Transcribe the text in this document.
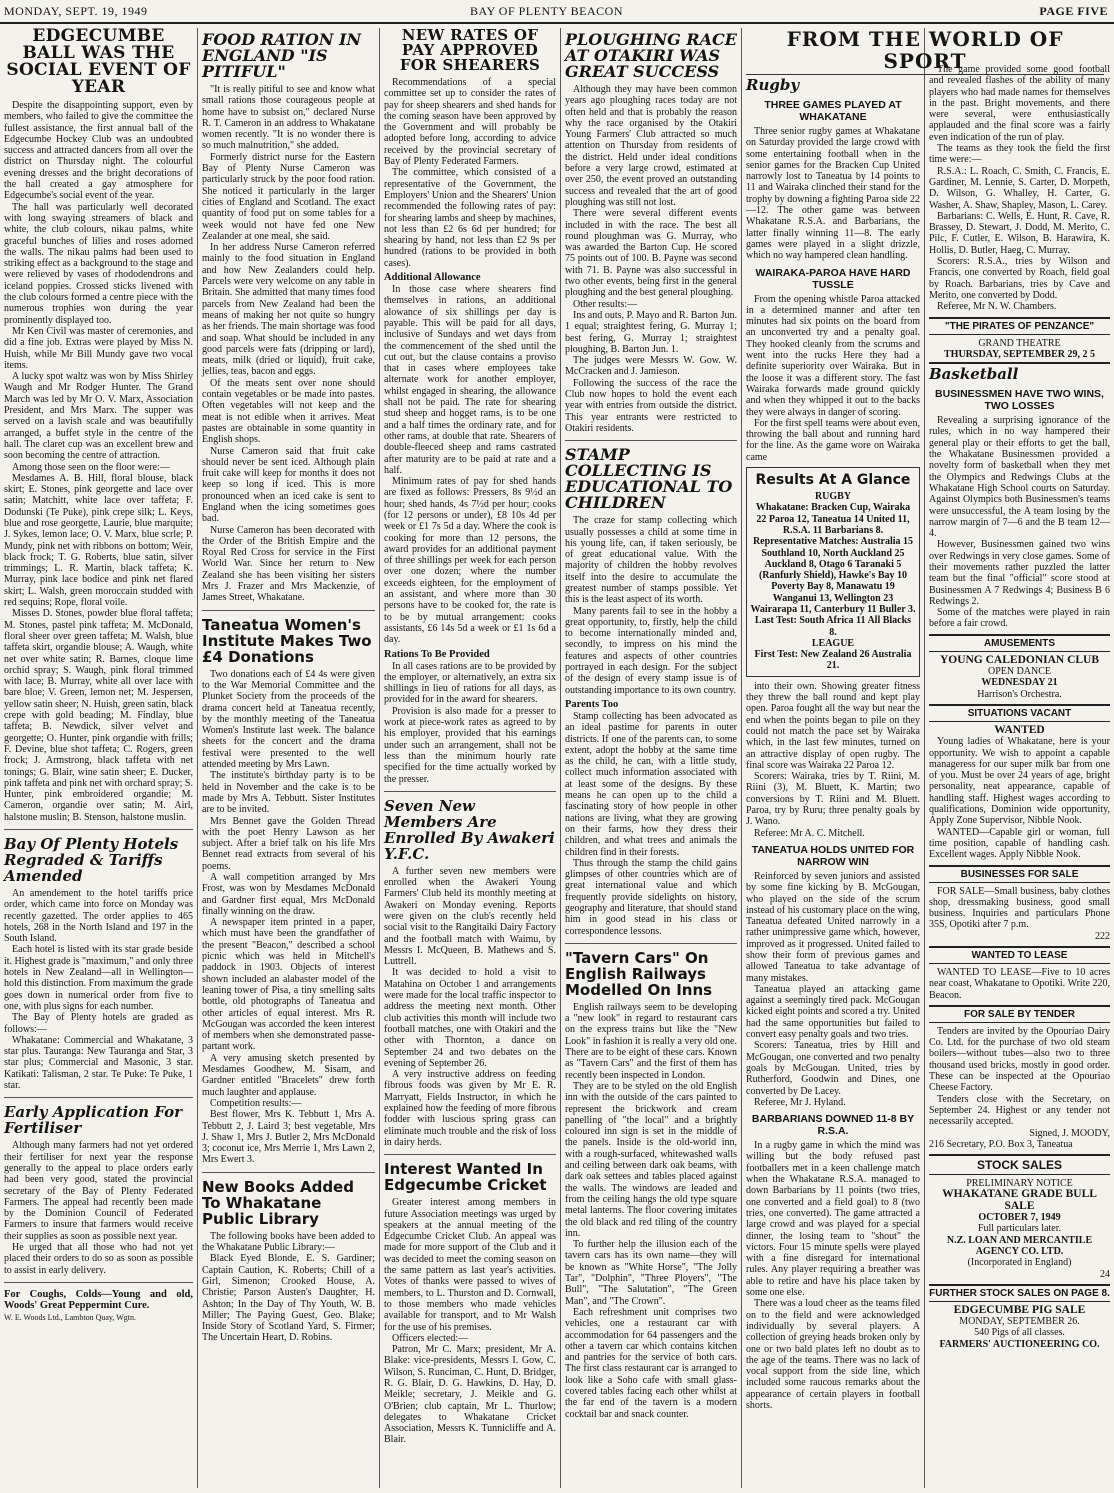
MONDAY, SEPT. 19, 1949	BAY OF PLENTY BEACON	PAGE FIVE
EDGECUMBE BALL WAS THE SOCIAL EVENT OF YEAR

Despite the disappointing support, even by members, who failed to give the committee the fullest assistance, the first annual ball of the Edgecumbe Hockey Club was an undoubted success and attracted dancers from all over the district on Thursday night. The colourful evening dresses and the bright decorations of the hall created a gay atmosphere for Edgecumbe's social event of the year.

The hall was particularly well decorated with long swaying streamers of black and white, the club colours, nikau palms, white graceful bunches of lilies and roses adorned the walls. The nikau palms had been used to striking effect as a background to the stage and were relieved by vases of rhododendrons and iceland poppies. Crossed sticks livened with the club colours formed a centre piece with the numerous trophies won during the year prominently displayed too.

Mr Ken Civil was master of ceremonies, and did a fine job. Extras were played by Miss N. Huish, while Mr Bill Mundy gave two vocal items.

A lucky spot waltz was won by Miss Shirley Waugh and Mr Rodger Hunter. The Grand March was led by Mr O. V. Marx, Association President, and Mrs Marx. The supper was served on a lavish scale and was beautifully arranged, a buffet style in the centre of the hall. The claret cup was an excellent brew and soon becoming the centre of attraction.

Among those seen on the floor were:—

Mesdames A. B. Hill, floral blouse, black skirt; E. Stones, pink georgette and lace over satin; Matchitt, white lace over taffeta; F. Dodunski (Te Puke), pink crepe silk; L. Keys, blue and rose georgette, Laurie, blue marquite; J. Sykes, lemon lace; O. V. Marx, blue scrle; P. Mundy, pink net with ribbons on bottom; Weir, black frock; T. G. Roberts, blue satin, silver trimmings; L. R. Martin, black taffeta; K. Murray, pink lace bodice and pink net flared skirt; L. Walsh, green moroccain studded with red sequins; Rope, floral voile.

Misses D. Stones, powder blue floral taffeta; M. Stones, pastel pink taffeta; M. McDonald, floral sheer over green taffeta; M. Walsh, blue taffeta skirt, organdie blouse; A. Waugh, white net over white satin; R. Barnes, cloque lime orchid spray; S. Waugh, pink floral trimmed with lace; B. Murray, white all over lace with bare bloe; V. Green, lemon net; M. Jespersen, yellow satin sheer; N. Huish, green satin, black crepe with gold beading; M. Findlay, blue taffeta; B. Newdick, silver velvet and georgette; O. Hunter, pink organdie with frills; F. Devine, blue shot taffeta; C. Rogers, green frock; J. Armstrong, black taffeta with net tonings; G. Blair, wine satin sheer; E. Ducker, pink taffeta and pink net with orchard spray; S. Hunter, pink embroidered organdie; M. Cameron, organdie over satin; M. Airl, halstone muslin; B. Stenson, halstone muslin.

Bay Of Plenty Hotels Regraded & Tariffs Amended

An amendement to the hotel tariffs price order, which came into force on Monday was recently gazetted. The order applies to 465 hotels, 268 in the North Island and 197 in the South Island.

Each hotel is listed with its star grade beside it. Highest grade is "maximum," and only three hotels in New Zealand—all in Wellington—hold this distinction. From maximum the grade goes down in numerical order from five to one, with plus signs for each number.

The Bay of Plenty hotels are graded as follows:—

Whakatane: Commercial and Whakatane, 3 star plus. Tauranga: New Tauranga and Star, 3 star plus; Commercial and Masonic, 3 star. Katikati: Talisman, 2 star. Te Puke: Te Puke, 1 star.

Early Application For Fertiliser

Although many farmers had not yet ordered their fertiliser for next year the response generally to the appeal to place orders early had been very good, stated the provincial secretary of the Bay of Plenty Federated Farmers. The appeal had recently been made by the Dominion Council of Federated Farmers to insure that farmers would receive their supplies as soon as possible next year.

He urged that all those who had not yet placed their orders to do so as soon as possible to assist in early delivery.

For Coughs, Colds—Young and old, Woods' Great Peppermint Cure.

W. E. Woods Ltd., Lambton Quay, Wgtn.

FOOD RATION IN ENGLAND "IS PITIFUL"

"It is really pitiful to see and know what small rations those courageous people at home have to subsist on," declared Nurse R. T. Cameron in an address to Whakatane women recently. "It is no wonder there is so much malnutrition," she added.

Formerly district nurse for the Eastern Bay of Plenty Nurse Cameron was particularly struck by the poor food ration. She noticed it particularly in the larger cities of England and Scotland. The exact quantity of food put on some tables for a week would not have fed one New Zealander at one meal, she said.

In her address Nurse Cameron referred mainly to the food situation in England and how New Zealanders could help. Parcels were very welcome on any table in Britain. She admitted that many times food parcels from New Zealand had been the means of making her not quite so hungry as her friends. The main shortage was food and soap. What should be included in any good parcels were fats (dripping or lard), meats, milk (dried or liquid), fruit cake, jellies, teas, bacon and eggs.

Of the meats sent over none should contain vegetables or be made into pastes. Often vegetables will not keep and the meat is not edible when it arrives. Meat pastes are obtainable in some quantity in English shops.

Nurse Cameron said that fruit cake should never be sent iced. Although plain fruit cake will keep for months it does not keep so long if iced. This is more pronounced when an iced cake is sent to England when the icing sometimes goes bad.

Nurse Cameron has been decorated with the Order of the British Empire and the Royal Red Cross for service in the First World War. Since her return to New Zealand she has been visiting her sisters Mrs J. Frazer and Mrs Mackenzie, of James Street, Whakatane.

Taneatua Women's Institute Makes Two £4 Donations

Two donations each of £4 4s were given to the War Memorial Committee and the Plunket Society from the proceeds of the drama concert held at Taneatua recently, by the monthly meeting of the Taneatua Women's Institute last week. The balance sheets for the concert and the drama festival were presented to the well attended meeting by Mrs Lawn.

The institute's birthday party is to be held in November and the cake is to be made by Mrs A. Tebbutt. Sister Institutes are to be invited.

Mrs Bennet gave the Golden Thread with the poet Henry Lawson as her subject. After a brief talk on his life Mrs Bennet read extracts from several of his poems.

A wall competition arranged by Mrs Frost, was won by Mesdames McDonald and Gardner first equal, Mrs McDonald finally winning on the draw.

A newspaper item printed in a paper, which must have been the grandfather of the present "Beacon," described a school picnic which was held in Mitchell's paddock in 1903. Objects of interest shown included an alabaster model of the leaning tower of Pisa, a tiny smelling salts bottle, old photographs of Taneatua and other articles of equal interest. Mrs R. McGougan was accorded the keen interest of members when she demonstrated passe-partant work.

A very amusing sketch presented by Mesdames Goodhew, M. Sisam, and Gardner entitled "Bracelets" drew forth much laughter and applause.

Competition results:—

Best flower, Mrs K. Tebbutt 1, Mrs A. Tebbutt 2, J. Laird 3; best vegetable, Mrs J. Shaw 1, Mrs J. Butler 2, Mrs McDonald 3; coconut ice, Mrs Merrie 1, Mrs Lawn 2, Mrs Ewert 3.

New Books Added To Whakatane Public Library

The following books have been added to the Whakatane Public Library:—

Black Eyed Blonde, E. S. Gardiner; Captain Caution, K. Roberts; Chill of a Girl, Simenon; Crooked House, A. Christie; Parson Austen's Daughter, H. Ashton; In the Day of Thy Youth, W. B. Miller; The Paying Guest, Geo. Blake; Inside Story of Scotland Yard, S. Firmer; The Uncertain Heart, D. Robins.

NEW RATES OF PAY APPROVED FOR SHEARERS

Recommendations of a special committee set up to consider the rates of pay for sheep shearers and shed hands for the coming season have been approved by the Government and will probably be adopted before long, according to advice received by the provincial secretary of Bay of Plenty Federated Farmers.

The committee, which consisted of a representative of the Government, the Employers' Union and the Shearers' Union recommended the following rates of pay: for shearing lambs and sheep by machines, not less than £2 6s 6d per hundred; for shearing by hand, not less than £2 9s per hundred (rations to be provided in both cases).

Additional Allowance

In those case where shearers find themselves in rations, an additional alowance of six shillings per day is payable. This will be paid for all days, inclusive of Sundays and wet days from the commencement of the shed until the cut out, but the clause contains a proviso that in cases where employees take alternate work for another employer, whilst engaged in shearing, the allowance shall not be paid. The rate for shearing stud sheep and hogget rams, is to be one and a half times the ordinary rate, and for other rams, at double that rate. Shearers of double-fleeced sheep and rams castrated after maturity are to be paid at rate and a half.

Minimum rates of pay for shed hands are fixed as follows: Pressers, 8s 9½d an hour; shed hands, 4s 7½d per hour; cooks (for 12 persons or under), £8 10s 4d per week or £1 7s 5d a day. Where the cook is cooking for more than 12 persons, the award provides for an additional payment of three shillings per week for each person over one dozen; where the number exceeds eighteen, for the employment of an assistant, and where more than 30 persons have to be cooked for, the rate is to be by mutual arrangement: cooks assistants, £6 14s 5d a week or £1 1s 6d a day.

Rations To Be Provided

In all cases rations are to be provided by the employer, or alternatively, an extra six shillings in lieu of rations for all days, as provided for in the award for shearers.

Provision is also made for a presser to work at piece-work rates as agreed to by his employer, provided that his earnings under such an arrangement, shall not be less than the minimum hourly rate specified for the time actually worked by the presser.

Seven New Members Are Enrolled By Awakeri Y.F.C.

A further seven new members were enrolled when the Awakeri Young Farmers' Club held its monthly meeting at Awakeri on Monday evening. Reports were given on the club's recently held social visit to the Rangitaiki Dairy Factory and the football match with Waimu, by Messrs I. McQueen, B. Mathews and S. Luttrell.

It was decided to hold a visit to Matahina on October 1 and arrangements were made for the local traffic inspector to address the meeting next month. Other club activities this month will include two football matches, one with Otakiri and the other with Thornton, a dance on September 24 and two debates on the evening of September 26.

A very instructive address on feeding fibrous foods was given by Mr E. R. Marryatt, Fields Instructor, in which he explained how the feeding of more fibrous fodder with luscious spring grass can eliminate much trouble and the risk of loss in dairy herds.

Interest Wanted In Edgecumbe Cricket

Greater interest among members in future Association meetings was urged by speakers at the annual meeting of the Edgecumbe Cricket Club. An appeal was made for more support of the Club and it was decided to meet the coming season on the same pattern as last year's activities. Votes of thanks were passed to wives of members, to L. Thurston and D. Cornwall, to those members who made vehicles available for transport, and to Mr Walsh for the use of his premises.

Officers elected:—

Patron, Mr C. Marx; president, Mr A. Blake: vice-presidents, Messrs I. Gow, C. Wilson, S. Runciman, C. Hunt, D. Bridger, R. G. Blair, D. G. Hawkins, D. Hay, D. Meikle; secretary, J. Meikle and G. O'Brien; club captain, Mr L. Thurlow; delegates to Whakatane Cricket Association, Messrs K. Tunnicliffe and A. Blair.

PLOUGHING RACE AT OTAKIRI WAS GREAT SUCCESS

Although they may have been common years ago ploughing races today are not often held and that is probably the reason why the race organised by the Otakiri Young Farmers' Club attracted so much attention on Thursday from residents of the district. Held under ideal conditions before a very large crowd, estimated at over 250, the event proved an outstanding success and revealed that the art of good ploughing was still not lost.

There were several different events included in with the race. The best all round ploughman was G. Murray, who was awarded the Barton Cup. He scored 75 points out of 100. B. Payne was second with 71. B. Payne was also successful in two other events, being first in the general ploughing and the best general ploughing.

Other results:—

Ins and outs, P. Mayo and R. Barton Jun. 1 equal; straightest fering, G. Murray 1; best fering, G. Murray 1; straightest ploughing, B. Barton Jun. 1.

The judges were Messrs W. Gow. W. McCracken and J. Jamieson.

Following the success of the race the Club now hopes to hold the event each year with entries from outside the district. This year entrants were restricted to Otakiri residents.

STAMP COLLECTING IS EDUCATIONAL TO CHILDREN

The craze for stamp collecting which usually possesses a child at some time in his young life, can, if taken seriously, be of great educational value. With the majority of children the hobby revolves itself into the desire to accumulate the greatest number of stamps possible. Yet this is the least aspect of its worth.

Many parents fail to see in the hobby a great opportunity, to, firstly, help the child to become internationally minded and, secondly, to impress on his mind the features and aspects of other countries portrayed in each design. For the subject of the design of every stamp issue is of outstanding importance to its own country.

Parents Too

Stamp collecting has been advocated as an ideal pastime for parents in outer districts. If one of the parents can, to some extent, adopt the hobby at the same time as the child, he can, with a little study, collect much information associated with at least some of the designs. By these means he can open up to the child a fascinating story of how people in other nations are living, what they are growing on their farms, how they dress their children, and what trees and animals the children find in their forests.

Thus through the stamp the child gains glimpses of other countries which are of great international value and which frequently provide sidelights on history, geography and literature, that should stand him in good stead in his class or correspondence lessons.

"Tavern Cars" On English Railways Modelled On Inns

English railways seem to be developing a "new look" in regard to restaurant cars on the express trains but like the "New Look" in fashion it is really a very old one. There are to be eight of these cars. Known as "Tavern Cars" and the first of them has recently been inspected in London.

They are to be styled on the old English inn with the outside of the cars painted to represent the brickwork and cream panelling of "the local" and a brightly coloured inn sign is set in the middle of the panels. Inside is the old-world inn, with a rough-surfaced, whitewashed walls and ceiling between dark oak beams, with dark oak settees and tables placed against the walls. The windows are leaded and from the ceiling hangs the old type square metal lanterns. The floor covering imitates the old black and red tiling of the country inn.

To further help the illusion each of the tavern cars has its own name—they will be known as "White Horse", "The Jolly Tar", "Dolphin", "Three Ployers", "The Bull", "The Salutation", "The Green Man", and "The Crown".

Each refreshment unit comprises two vehicles, one a restaurant car with accommodation for 64 passengers and the other a tavern car which contains kitchen and pantries for the service of both cars. The first class restaurant car is arranged to look like a Soho cafe with small glass-covered tables facing each other whilst at the far end of the tavern is a modern cocktail bar and snack counter.

FROM THE WORLD OF SPORT
Rugby
THREE GAMES PLAYED AT WHAKATANE

Three senior rugby games at Whakatane on Saturday provided the large crowd with some entertaining football when in the senior games for the Bracken Cup United narrowly lost to Taneatua by 14 points to 11 and Wairaka clinched their stand for the trophy by downing a fighting Paroa side 22—12. The other game was between Whakatane R.S.A. and Barbarians, the latter finally winning 11—8. The early games were played in a slight drizzle, which no way hampered clean handling.

WAIRAKA-PAROA HAVE HARD TUSSLE

From the opening whistle Paroa attacked in a determined manner and after ten minutes had six points on the board from an unconverted try and a penalty goal. They hooked cleanly from the scrums and went into the rucks Here they had a definite superiority over Wairaka. But in the loose it was a different story. The fast Wairaka forwards made ground quickly and when they whipped it out to the backs they were always in danger of scoring.

For the first spell teams were about even, throwing the ball about and running hard for the line. As the game wore on Wairaka came

Results At A Glance

RUGBY

Whakatane: Bracken Cup, Wairaka 22 Paroa 12, Taneatua 14 United 11, R.S.A. 11 Barbarians 8.

Representative Matches: Australia 15 Southland 10, North Auckland 25 Auckland 8, Otago 6 Taranaki 5 (Ranfurly Shield), Hawke's Bay 10 Poverty Bay 8, Manawatu 19 Wanganui 13, Wellington 23 Wairarapa 11, Canterbury 11 Buller 3.

Last Test: South Africa 11 All Blacks 8.

LEAGUE

First Test: New Zealand 26 Australia 21.

into their own. Showing greater fitness they threw the ball round and kept play open. Paroa fought all the way but near the end when the points began to pile on they could not match the pace set by Wairaka which, in the last few minutes, turned on an attractive display of open rugby. The final score was Wairaka 22 Paroa 12.

Scorers: Wairaka, tries by T. Riini, M. Riini (3), M. Bluett, K. Martin; two conversions by T. Riini and M. Bluett. Paroa, try by Ruru; three penalty goals by J. Wano.

Referee: Mr A. C. Mitchell.

TANEATUA HOLDS UNITED FOR NARROW WIN

Reinforced by seven juniors and assisted by some fine kicking by B. McGougan, who played on the side of the scrum instead of his customary place on the wing, Taneatua defeated United narrowly in a rather unimpressive game which, however, improved as it progressed. United failed to show their form of previous games and allowed Taneatua to take advantage of many mistakes.

Taneatua played an attacking game against a seemingly tired pack. McGougan kicked eight points and scored a try. United had the same opportunities but failed to convert easy penalty goals and two tries.

Scorers: Taneatua, tries by Hill and McGougan, one converted and two penalty goals by McGougan. United, tries by Rutherford, Goodwin and Dines, one converted by De Lacey.

Referee, Mr J. Hyland.

BARBARIANS DOWNED 11-8 BY R.S.A.

In a rugby game in which the mind was willing but the body refused past footballers met in a keen challenge match when the Whakatane R.S.A. managed to down Barbarians by 11 points (two tries, one converted and a field goal) to 8 (two tries, one converted). The game attracted a large crowd and was played for a special dinner, the losing team to "shout" the victors. Four 15 minute spells were played with a fine disregard for international rules. Any player requiring a breather was able to retire and have his place taken by some one else.

There was a loud cheer as the teams filed on to the field and were acknowledged individually by several players. A collection of greying heads broken only by one or two bald plates left no doubt as to the age of the teams. There was no lack of vocal support from the side line, which included some raucous remarks about the appearance of certain players in football shorts.

The game provided some good football and revealed flashes of the ability of many players who had made names for themselves in the past. Bright movements, and there were several, were enthusiastically applauded and the final score was a fairly even indication of the run of play.

The teams as they took the field the first time were:—

R.S.A.: L. Roach, C. Smith, C. Francis, E. Gardiner, M. Lennie, S. Carter, D. Morpeth, D. Wilson, G. Whalley, H. Carter, G. Washer, A. Shaw, Shapley, Mason, L. Carey.

Barbarians: C. Wells, E. Hunt, R. Cave, R. Brassey, D. Stewart, J. Dodd, M. Merito, C. Pilc, F. Cutler, E. Wilson, B. Harawira, K. Hollis, D. Butler, Haeg, C. Murray.

Scorers: R.S.A., tries by Wilson and Francis, one converted by Roach, field goal by Roach. Barbarians, tries by Cave and Merito, one converted by Dodd.

Referee, Mr N. W. Chambers.

"THE PIRATES OF PENZANCE"

GRAND THEATRE

THURSDAY, SEPTEMBER 29, 2 5

Basketball
BUSINESSMEN HAVE TWO WINS, TWO LOSSES

Revealing a surprising ignorance of the rules, which in no way hampered their general play or their efforts to get the ball, the Whakatane Businessmen provided a novelty form of basketball when they met the Olympics and Redwings Clubs at the Whakatane High School courts on Saturday. Against Olympics both Businessmen's teams were unsuccessful, the A team losing by the narrow margin of 7—6 and the B team 12—4.

However, Businessmen gained two wins over Redwings in very close games. Some of their movements rather puzzled the latter team but the final "official" score stood at Businessmen A 7 Redwings 4; Business B 6 Redwings 2.

Some of the matches were played in rain before a fair crowd.

AMUSEMENTS

YOUNG CALEDONIAN CLUB

OPEN DANCE

WEDNESDAY 21

Harrison's Orchestra.

SITUATIONS VACANT

WANTED

Young ladies of Whakatane, here is your opportunity. We wish to appoint a capable manageress for our super milk bar from one of you. Must be over 24 years of age, bright personality, neat appearance, capable of handling staff. Highest wages according to qualifications, Dominion wide opportunity, Apply Zone Supervisor, Nibble Nook.

WANTED—Capable girl or woman, full time position, capable of handling cash. Excellent wages. Apply Nibble Nook.

BUSINESSES FOR SALE

FOR SALE—Small business, baby clothes shop, dressmaking business, good small business. Inquiries and particulars Phone 35S, Opotiki after 7 p.m.

222

WANTED TO LEASE

WANTED TO LEASE—Five to 10 acres near coast, Whakatane to Opotiki. Write 220, Beacon.

FOR SALE BY TENDER

Tenders are invited by the Opouriao Dairy Co. Ltd. for the purchase of two old steam boilers—without tubes—also two to three thousand used bricks, mostly in good order. These can be inspected at the Opouriao Cheese Factory.

Tenders close with the Secretary, on September 24. Highest or any tender not necessarily accepted.

Signed, J. MOODY,

216 Secretary, P.O. Box 3, Taneatua

STOCK SALES

PRELIMINARY NOTICE

WHAKATANE GRADE BULL SALE

OCTOBER 7, 1949

Full particulars later.

N.Z. LOAN AND MERCANTILE AGENCY CO. LTD.

(Incorporated in England)

24

FURTHER STOCK SALES ON PAGE 8.

EDGECUMBE PIG SALE

MONDAY, SEPTEMBER 26.

540 Pigs of all classes.

FARMERS' AUCTIONEERING CO.
